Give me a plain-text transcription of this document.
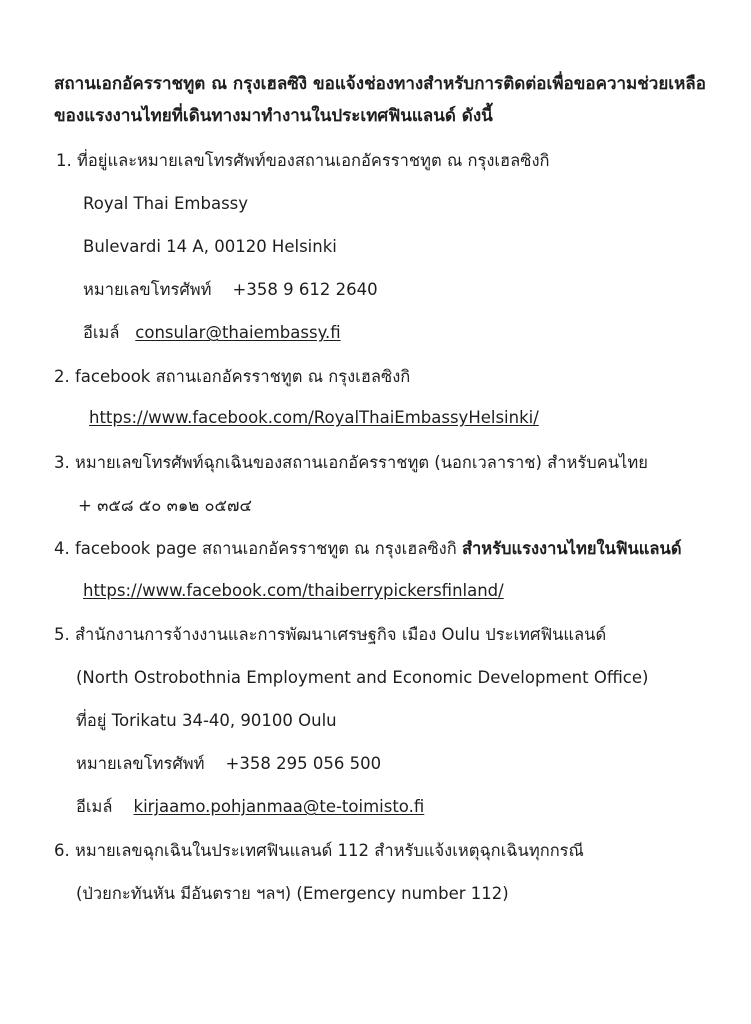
สถานเอกอัครราชทูต ณ กรุงเฮลซิงิ ขอแจ้งช่องทางสำหรับการติดต่อเพื่อขอความช่วยเหลือ
ของแรงงานไทยที่เดินทางมาทำงานในประเทศฟินแลนด์ ดังนี้
1. ที่อยู่และหมายเลขโทรศัพท์ของสถานเอกอัครราชทูต ณ กรุงเฮลซิงกิ
Royal Thai Embassy
Bulevardi 14 A, 00120 Helsinki
หมายเลขโทรศัพท์ +358 9 612 2640
อีเมล์ consular@thaiembassy.fi
2. facebook สถานเอกอัครราชทูต ณ กรุงเฮลซิงกิ
https://www.facebook.com/RoyalThaiEmbassyHelsinki/
3. หมายเลขโทรศัพท์ฉุกเฉินของสถานเอกอัครราชทูต (นอกเวลาราช) สำหรับคนไทย
+ ๓๕๘ ๕๐ ๓๑๒ ๐๕๗๔
4. facebook page สถานเอกอัครราชทูต ณ กรุงเฮลซิงกิ สำหรับแรงงานไทยในฟินแลนด์
https://www.facebook.com/thaiberrypickersfinland/
5. สำนักงานการจ้างงานและการพัฒนาเศรษฐกิจ เมือง Oulu ประเทศฟินแลนด์
(North Ostrobothnia Employment and Economic Development Office)
ที่อยู่ Torikatu 34-40, 90100 Oulu
หมายเลขโทรศัพท์ +358 295 056 500
อีเมล์ kirjaamo.pohjanmaa@te-toimisto.fi
6. หมายเลขฉุกเฉินในประเทศฟินแลนด์ 112 สำหรับแจ้งเหตุฉุกเฉินทุกกรณี
(ป่วยกะทันหัน มีอันตราย ฯลฯ) (Emergency number 112)
